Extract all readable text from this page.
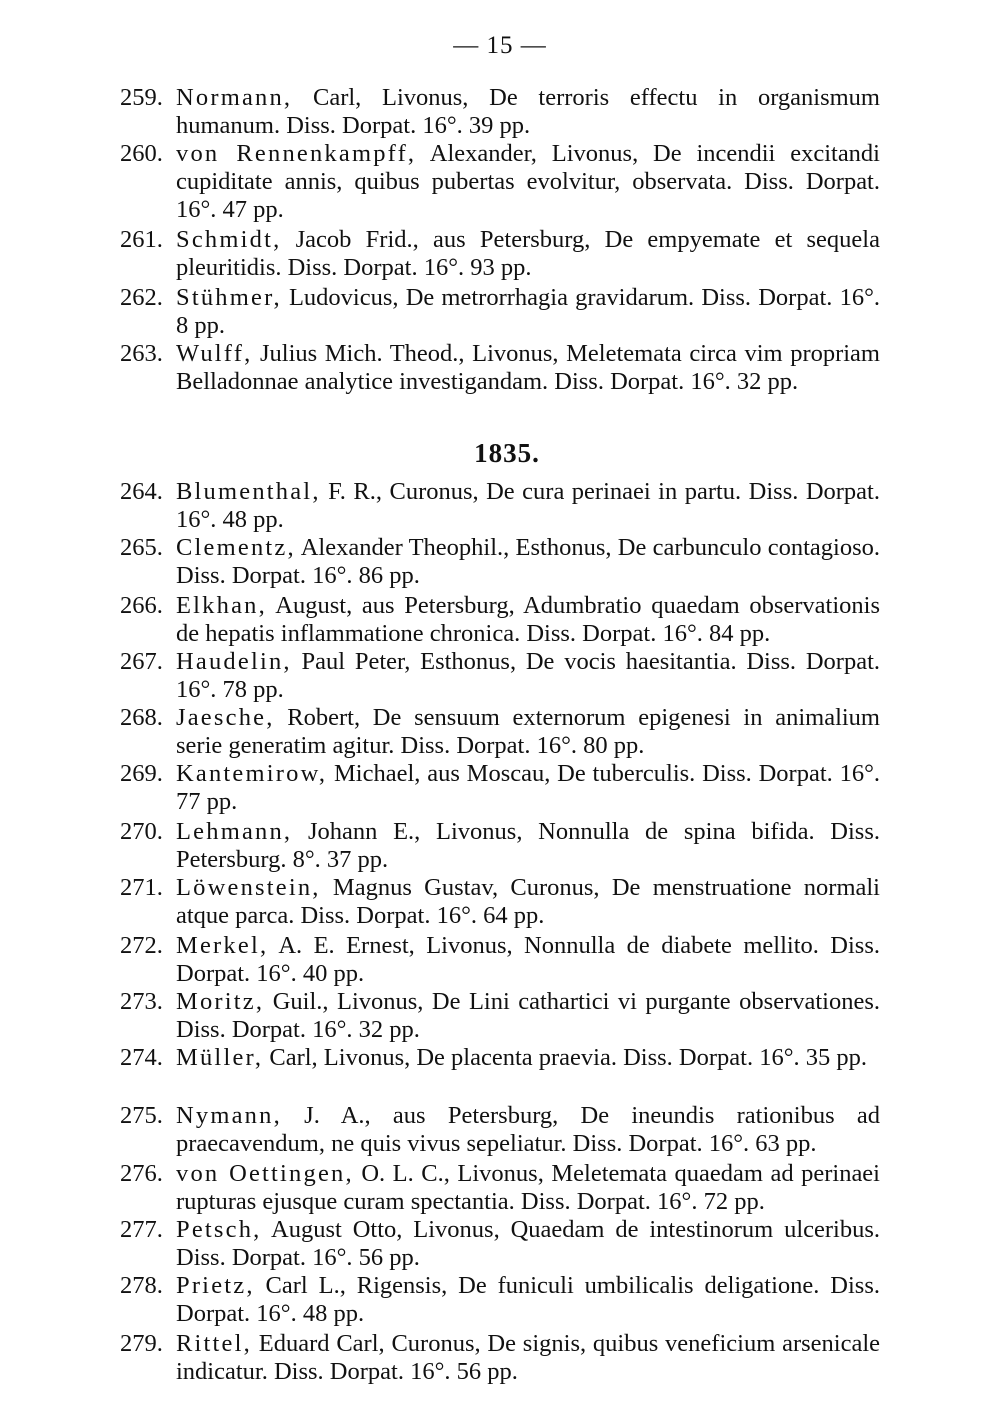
— 15 —
259. Normann, Carl, Livonus, De terroris effectu in organismum humanum. Diss. Dorpat. 16°. 39 pp.
260. von Rennenkampff, Alexander, Livonus, De incendii excitandi cupiditate annis, quibus pubertas evolvitur, observata. Diss. Dorpat. 16°. 47 pp.
261. Schmidt, Jacob Frid., aus Petersburg, De empyemate et sequela pleuritidis. Diss. Dorpat. 16°. 93 pp.
262. Stühmer, Ludovicus, De metrorrhagia gravidarum. Diss. Dorpat. 16°. 8 pp.
263. Wulff, Julius Mich. Theod., Livonus, Meletemata circa vim propriam Belladonnae analytice investigandam. Diss. Dorpat. 16°. 32 pp.
1835.
264. Blumenthal, F. R., Curonus, De cura perinaei in partu. Diss. Dorpat. 16°. 48 pp.
265. Clementz, Alexander Theophil., Esthonus, De carbunculo contagioso. Diss. Dorpat. 16°. 86 pp.
266. Elkhan, August, aus Petersburg, Adumbratio quaedam observationis de hepatis inflammatione chronica. Diss. Dorpat. 16°. 84 pp.
267. Haudelin, Paul Peter, Esthonus, De vocis haesitantia. Diss. Dorpat. 16°. 78 pp.
268. Jaesche, Robert, De sensuum externorum epigenesi in animalium serie generatim agitur. Diss. Dorpat. 16°. 80 pp.
269. Kantemirow, Michael, aus Moscau, De tuberculis. Diss. Dorpat. 16°. 77 pp.
270. Lehmann, Johann E., Livonus, Nonnulla de spina bifida. Diss. Petersburg. 8°. 37 pp.
271. Löwenstein, Magnus Gustav, Curonus, De menstruatione normali atque parca. Diss. Dorpat. 16°. 64 pp.
272. Merkel, A. E. Ernest, Livonus, Nonnulla de diabete mellito. Diss. Dorpat. 16°. 40 pp.
273. Moritz, Guil., Livonus, De Lini cathartici vi purgante observationes. Diss. Dorpat. 16°. 32 pp.
274. Müller, Carl, Livonus, De placenta praevia. Diss. Dorpat. 16°. 35 pp.
275. Nymann, J. A., aus Petersburg, De ineundis rationibus ad praecavendum, ne quis vivus sepeliatur. Diss. Dorpat. 16°. 63 pp.
276. von Oettingen, O. L. C., Livonus, Meletemata quaedam ad perinaei rupturas ejusque curam spectantia. Diss. Dorpat. 16°. 72 pp.
277. Petsch, August Otto, Livonus, Quaedam de intestinorum ulceribus. Diss. Dorpat. 16°. 56 pp.
278. Prietz, Carl L., Rigensis, De funiculi umbilicalis deligatione. Diss. Dorpat. 16°. 48 pp.
279. Rittel, Eduard Carl, Curonus, De signis, quibus veneficium arsenicale indicatur. Diss. Dorpat. 16°. 56 pp.
